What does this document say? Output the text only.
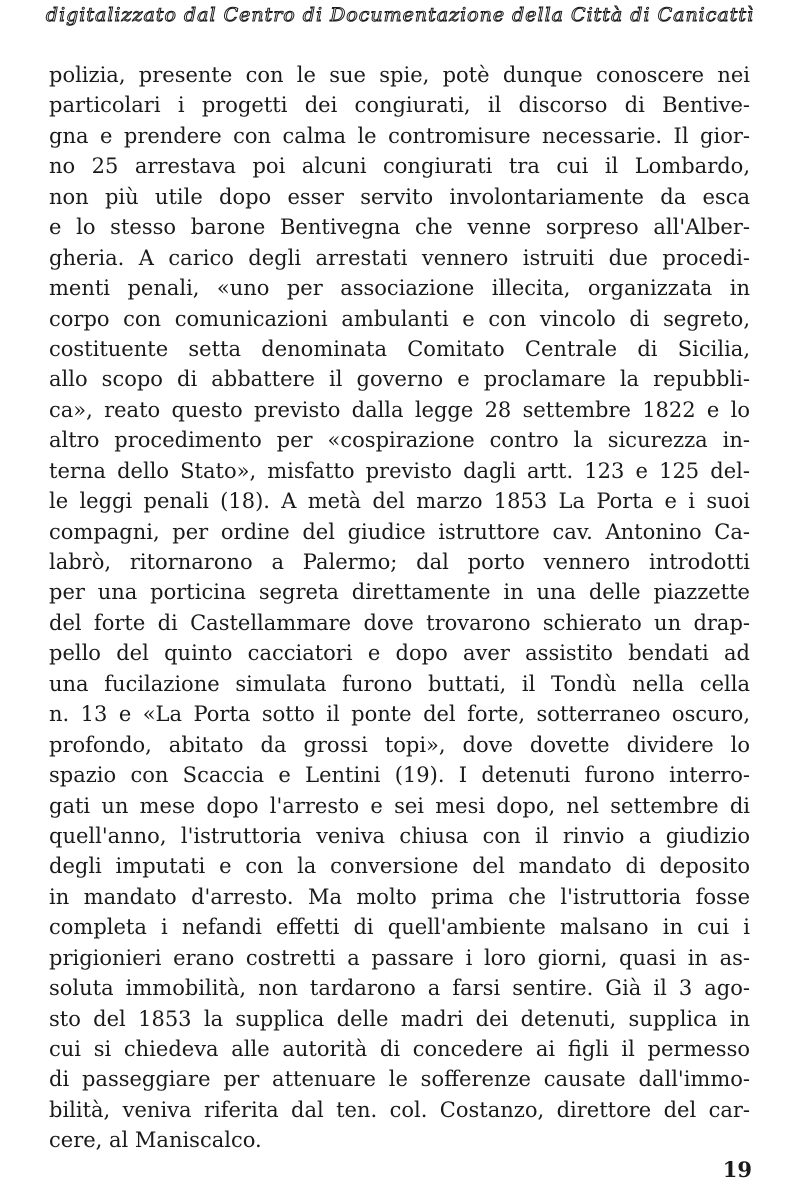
digitalizzato dal Centro di Documentazione della Città di Canicattì
polizia, presente con le sue spie, potè dunque conoscere nei
particolari i progetti dei congiurati, il discorso di Bentive-
gna e prendere con calma le contromisure necessarie. Il gior-
no 25 arrestava poi alcuni congiurati tra cui il Lombardo,
non più utile dopo esser servito involontariamente da esca
e lo stesso barone Bentivegna che venne sorpreso all'Alber-
gheria. A carico degli arrestati vennero istruiti due procedi-
menti penali, «uno per associazione illecita, organizzata in
corpo con comunicazioni ambulanti e con vincolo di segreto,
costituente setta denominata Comitato Centrale di Sicilia,
allo scopo di abbattere il governo e proclamare la repubbli-
ca», reato questo previsto dalla legge 28 settembre 1822 e lo
altro procedimento per «cospirazione contro la sicurezza in-
terna dello Stato», misfatto previsto dagli artt. 123 e 125 del-
le leggi penali (18). A metà del marzo 1853 La Porta e i suoi
compagni, per ordine del giudice istruttore cav. Antonino Ca-
labrò, ritornarono a Palermo; dal porto vennero introdotti
per una porticina segreta direttamente in una delle piazzette
del forte di Castellammare dove trovarono schierato un drap-
pello del quinto cacciatori e dopo aver assistito bendati ad
una fucilazione simulata furono buttati, il Tondù nella cella
n. 13 e «La Porta sotto il ponte del forte, sotterraneo oscuro,
profondo, abitato da grossi topi», dove dovette dividere lo
spazio con Scaccia e Lentini (19). I detenuti furono interro-
gati un mese dopo l'arresto e sei mesi dopo, nel settembre di
quell'anno, l'istruttoria veniva chiusa con il rinvio a giudizio
degli imputati e con la conversione del mandato di deposito
in mandato d'arresto. Ma molto prima che l'istruttoria fosse
completa i nefandi effetti di quell'ambiente malsano in cui i
prigionieri erano costretti a passare i loro giorni, quasi in as-
soluta immobilità, non tardarono a farsi sentire. Già il 3 ago-
sto del 1853 la supplica delle madri dei detenuti, supplica in
cui si chiedeva alle autorità di concedere ai figli il permesso
di passeggiare per attenuare le sofferenze causate dall'immo-
bilità, veniva riferita dal ten. col. Costanzo, direttore del car-
cere, al Maniscalco.
19
